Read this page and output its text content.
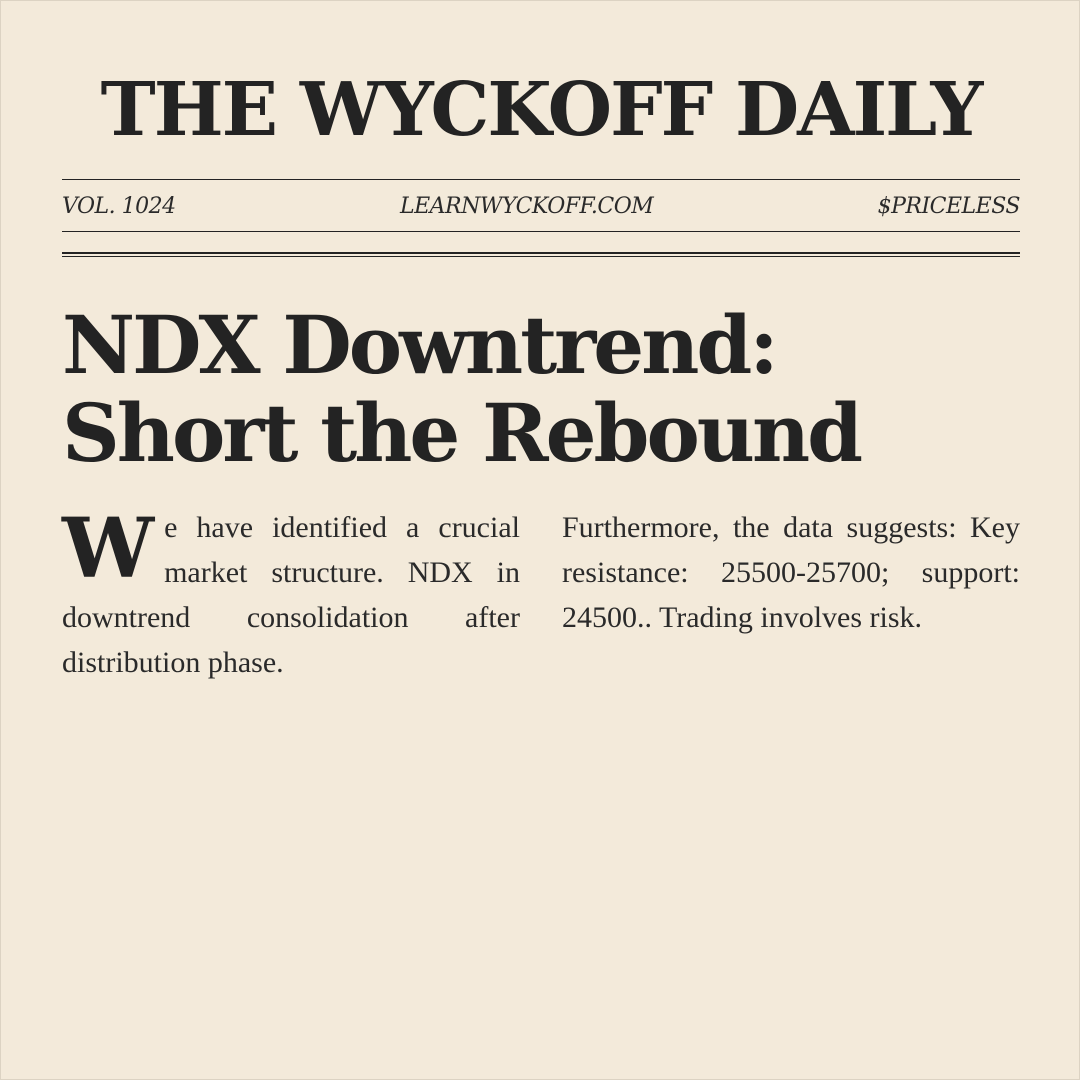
THE WYCKOFF DAILY
VOL. 1024	LEARNWYCKOFF.COM	$PRICELESS
NDX Downtrend:
Short the Rebound

We have identified a crucial market structure. NDX in downtrend consolidation after distribution phase.

Furthermore, the data suggests: Key resistance: 25500-25700; support: 24500.. Trading involves risk.
